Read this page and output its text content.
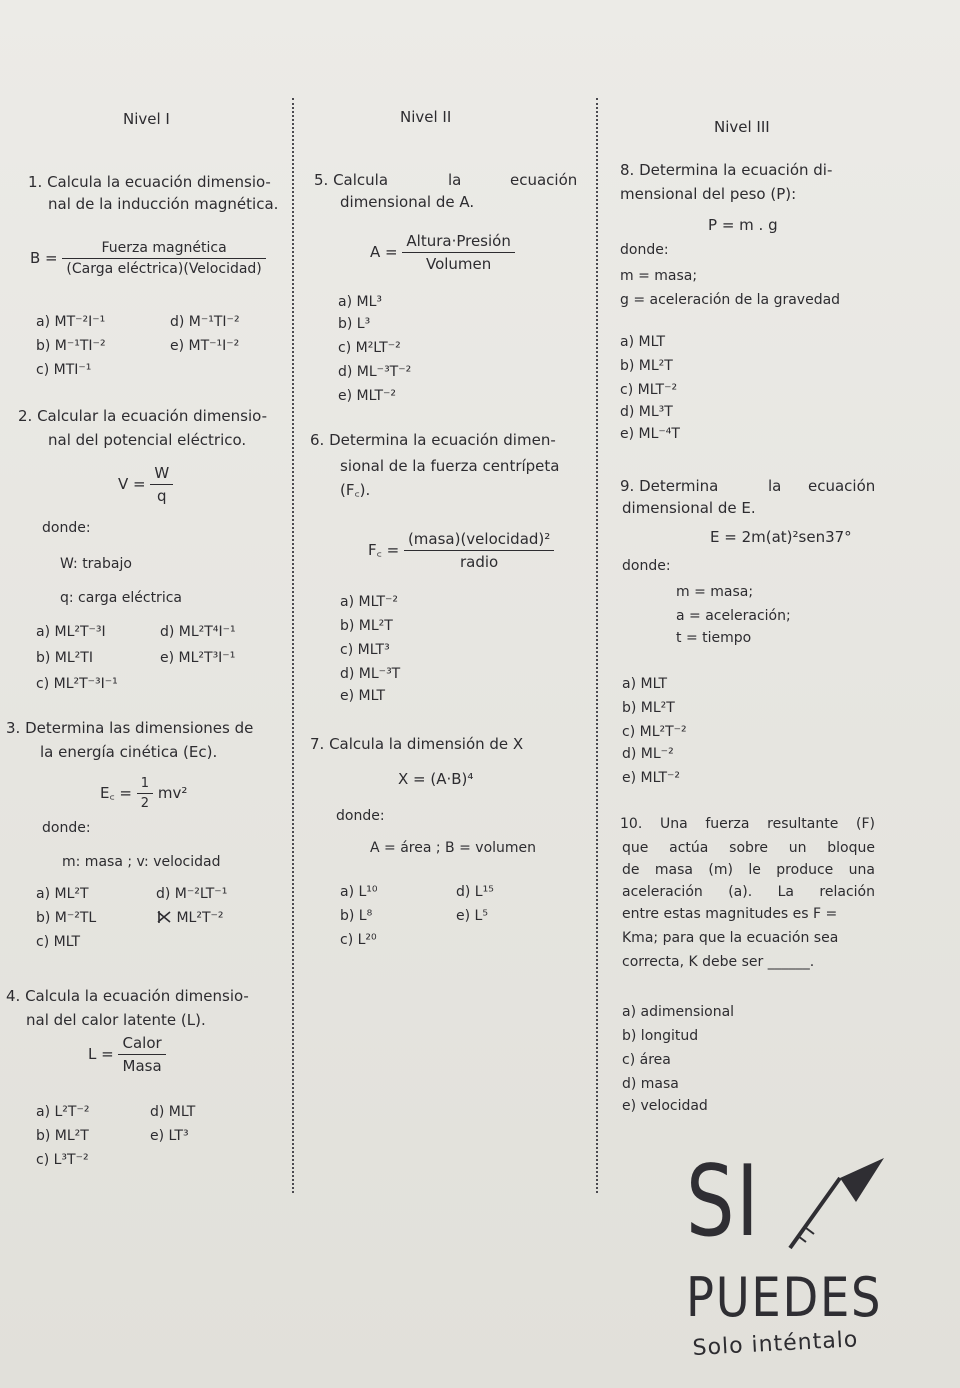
Nivel I
1. Calcula la ecuación dimensio-
nal de la inducción magnética.
$B = \frac{\text{Fuerza magnética}}{\text{(Carga eléctrica)(Velocidad)}}$
a) MT⁻²I⁻¹	d) M⁻¹TI⁻²
b) M⁻¹TI⁻²	e) MT⁻¹I⁻²
c) MTI⁻¹
2. Calcular la ecuación dimensio-
nal del potencial eléctrico.
$V = \frac{W}{q}$
donde:
W: trabajo
q: carga eléctrica
a) ML²T⁻³I	d) ML²T⁴I⁻¹
b) ML²TI	e) ML²T³I⁻¹
c) ML²T⁻³I⁻¹
3. Determina las dimensiones de
la energía cinética (Ec).
E꜀ = $\frac{1}{2} mv^2$
donde:
m: masa ; v: velocidad
a) ML²T	d) M⁻²LT⁻¹
b) M⁻²TL	ML²T⁻²
c) MLT
4. Calcula la ecuación dimensio-
nal del calor latente (L).
$L = \frac{\text{Calor}}{\text{Masa}}$
a) L²T⁻²	d) MLT
b) ML²T	e) LT³
c) L³T⁻²
Nivel II
5. Calcula	la	ecuación
dimensional de A.
$A = \frac{\text{Altura·Presión}}{\text{Volumen}}$
a) ML³
b) L³
c) M²LT⁻²
d) ML⁻³T⁻²
e) MLT⁻²
6. Determina la ecuación dimen-
sional de la fuerza centrípeta
(F꜀).
F꜀ = $\frac{\text{(masa)(velocidad)²}}{\text{radio}}$
a) MLT⁻²
b) ML²T
c) MLT³
d) ML⁻³T
e) MLT
7. Calcula la dimensión de X
X = (A·B)⁴
donde:
A = área ; B = volumen
a) L¹⁰	d) L¹⁵
b) L⁸	e) L⁵
c) L²⁰
Nivel III
8. Determina la ecuación di-
mensional del peso (P):
P = m . g
donde:
m = masa;
g = aceleración de la gravedad
a) MLT
b) ML²T
c) MLT⁻²
d) ML³T
e) ML⁻⁴T
9. Determina	la ecuación
dimensional de E.
E = 2m(at)²sen37°
donde:
m = masa;
a = aceleración;
t = tiempo
a) MLT
b) ML²T
c) ML²T⁻²
d) ML⁻²
e) MLT⁻²
10. Una fuerza resultante (F)
que actúa sobre un bloque
de masa (m) le produce una
aceleración (a). La relación
entre estas magnitudes es F =
Kma; para que la ecuación sea
correcta, K debe ser ______.
a) adimensional
b) longitud
c) área
d) masa
e) velocidad
SI
PUEDES
Solo inténtalo
